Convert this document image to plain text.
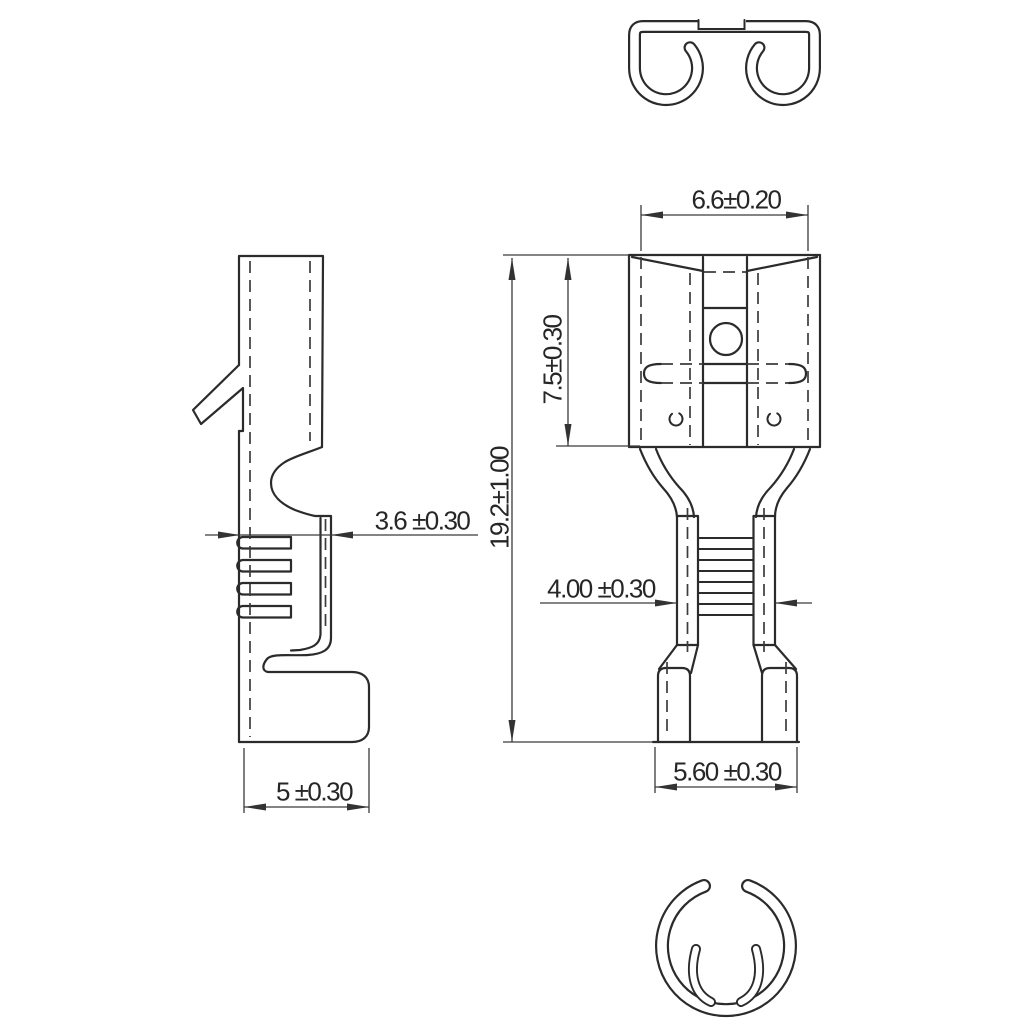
6.6±0.20
7.5±0.30
19.2±1.00
4.00 ±0.30
3.6 ±0.30
5 ±0.30
5.60 ±0.30
